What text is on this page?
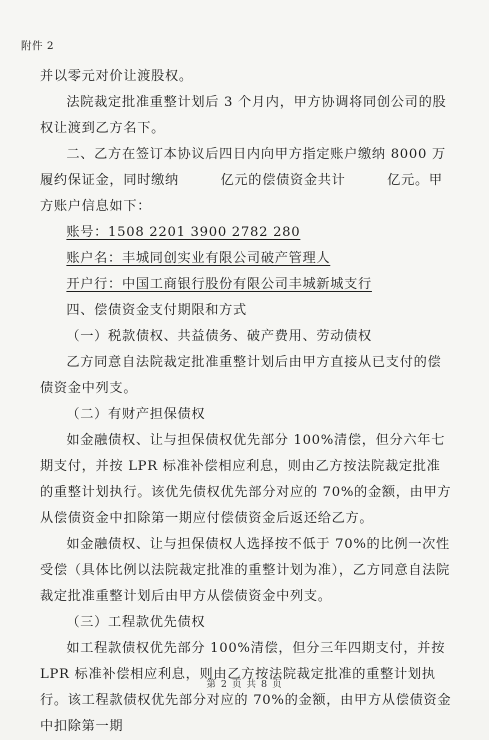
附件 2

并以零元对价让渡股权。

法院裁定批准重整计划后 3 个月内，甲方协调将同创公司的股权让渡到乙方名下。

二、乙方在签订本协议后四日内向甲方指定账户缴纳 8000 万履约保证金，同时缴纳　　　亿元的偿债资金共计　　　亿元。甲方账户信息如下：

账号：1508 2201 3900 2782 280

账户名：丰城同创实业有限公司破产管理人

开户行：中国工商银行股份有限公司丰城新城支行

四、偿债资金支付期限和方式

（一）税款债权、共益债务、破产费用、劳动债权

乙方同意自法院裁定批准重整计划后由甲方直接从已支付的偿债资金中列支。

（二）有财产担保债权

如金融债权、让与担保债权优先部分 100%清偿，但分六年七期支付，并按 LPR 标准补偿相应利息，则由乙方按法院裁定批准的重整计划执行。该优先债权优先部分对应的 70%的金额，由甲方从偿债资金中扣除第一期应付偿债资金后返还给乙方。

如金融债权、让与担保债权人选择按不低于 70%的比例一次性受偿（具体比例以法院裁定批准的重整计划为准），乙方同意自法院裁定批准重整计划后由甲方从偿债资金中列支。

（三）工程款优先债权

如工程款债权优先部分 100%清偿，但分三年四期支付，并按 LPR 标准补偿相应利息，则由乙方按法院裁定批准的重整计划执行。该工程款债权优先部分对应的 70%的金额，由甲方从偿债资金中扣除第一期

第 2 页 共 8 页
